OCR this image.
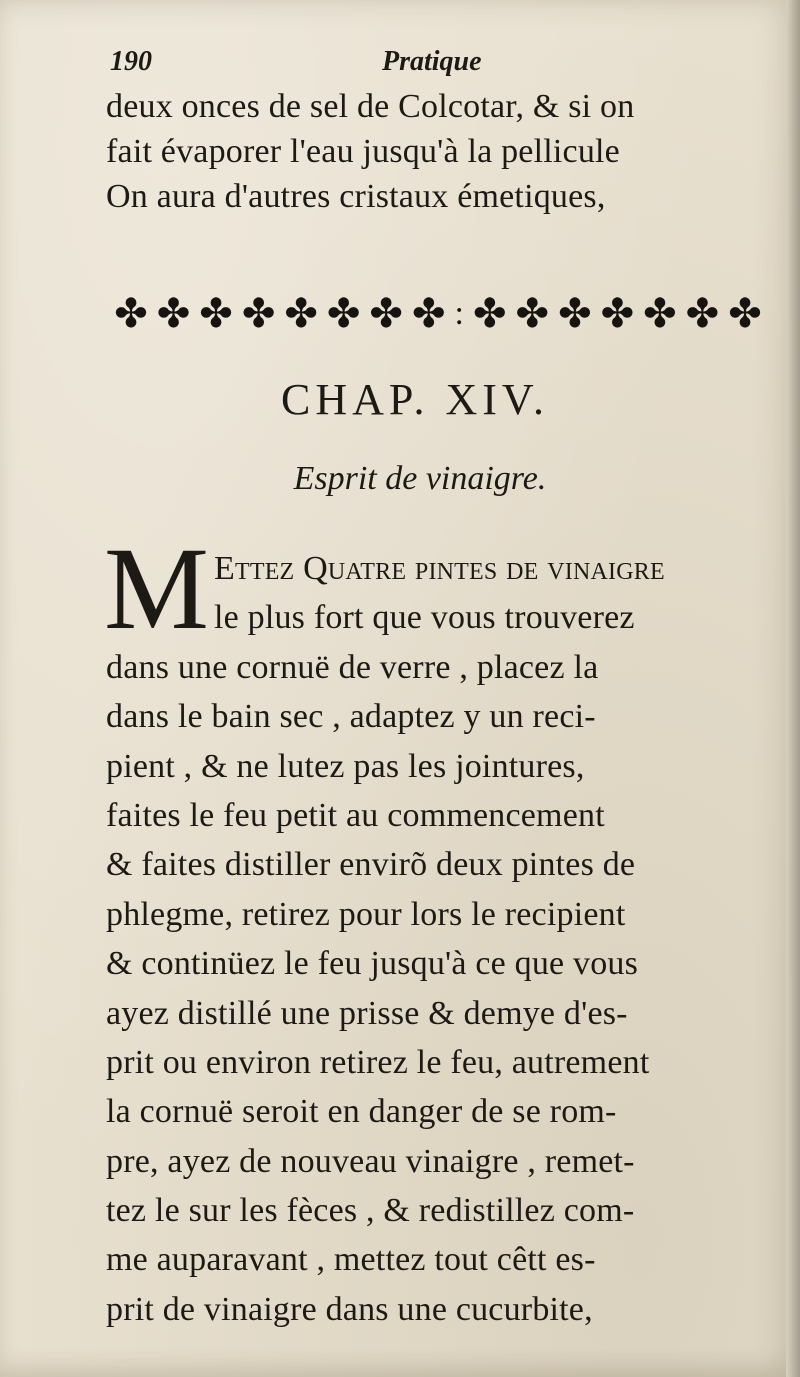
190	Pratique
deux onces de sel de Colcotar, & si on
fait évaporer l'eau jusqu'à la pellicule
On aura d'autres cristaux émetiques,
✤ ✤ ✤ ✤ ✤ ✤ ✤ ✤ : ✤ ✤ ✤ ✤ ✤ ✤ ✤
CHAP. XIV.
Esprit de vinaigre.
M Ettez Quatre pintes de vinaigre
le plus fort que vous trouverez
dans une cornuë de verre , placez la
dans le bain sec , adaptez y un reci-
pient , & ne lutez pas les jointures,
faites le feu petit au commencement
& faites distiller envirõ deux pintes de
phlegme, retirez pour lors le recipient
& continüez le feu jusqu'à ce que vous
ayez distillé une prisse & demye d'es-
prit ou environ retirez le feu, autrement
la cornuë seroit en danger de se rom-
pre, ayez de nouveau vinaigre , remet-
tez le sur les fèces , & redistillez com-
me auparavant , mettez tout cêtt es-
prit de vinaigre dans une cucurbite,
